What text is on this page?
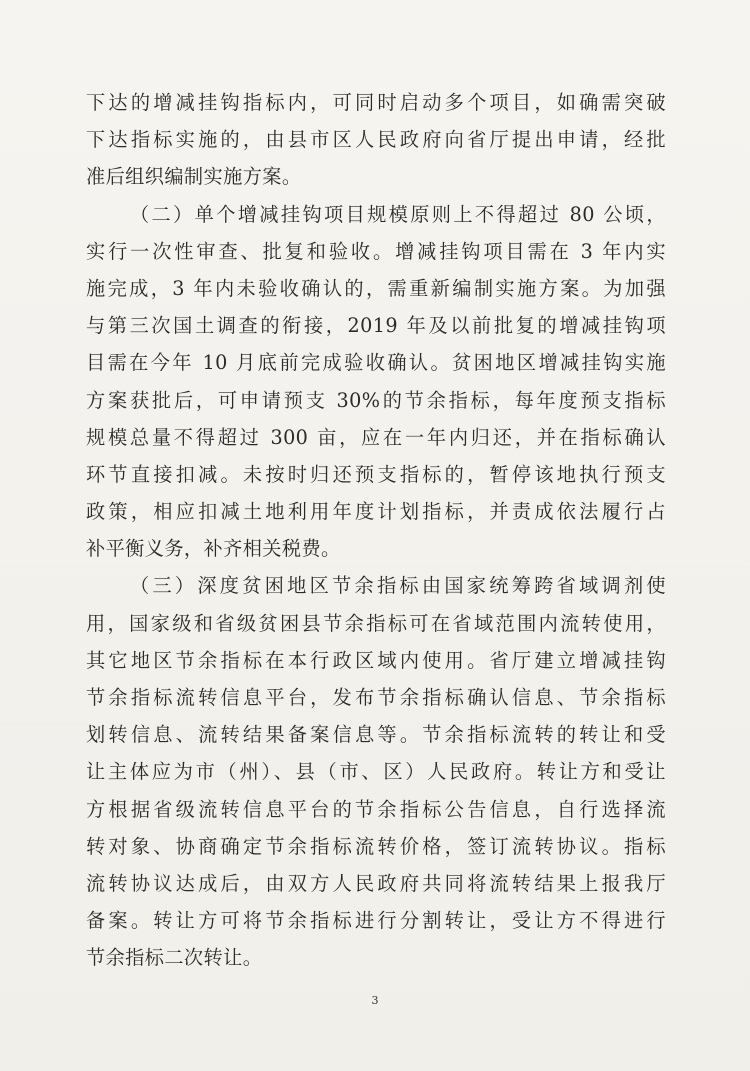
下达的增减挂钩指标内，可同时启动多个项目，如确需突破
下达指标实施的，由县市区人民政府向省厅提出申请，经批
准后组织编制实施方案。
（二）单个增减挂钩项目规模原则上不得超过 80 公顷，
实行一次性审查、批复和验收。增减挂钩项目需在 3 年内实
施完成，3 年内未验收确认的，需重新编制实施方案。为加强
与第三次国土调查的衔接，2019 年及以前批复的增减挂钩项
目需在今年 10 月底前完成验收确认。贫困地区增减挂钩实施
方案获批后，可申请预支 30%的节余指标，每年度预支指标
规模总量不得超过 300 亩，应在一年内归还，并在指标确认
环节直接扣减。未按时归还预支指标的，暂停该地执行预支
政策，相应扣减土地利用年度计划指标，并责成依法履行占
补平衡义务，补齐相关税费。
（三）深度贫困地区节余指标由国家统筹跨省域调剂使
用，国家级和省级贫困县节余指标可在省域范围内流转使用，
其它地区节余指标在本行政区域内使用。省厅建立增减挂钩
节余指标流转信息平台，发布节余指标确认信息、节余指标
划转信息、流转结果备案信息等。节余指标流转的转让和受
让主体应为市（州）、县（市、区）人民政府。转让方和受让
方根据省级流转信息平台的节余指标公告信息，自行选择流
转对象、协商确定节余指标流转价格，签订流转协议。指标
流转协议达成后，由双方人民政府共同将流转结果上报我厅
备案。转让方可将节余指标进行分割转让，受让方不得进行
节余指标二次转让。
3
